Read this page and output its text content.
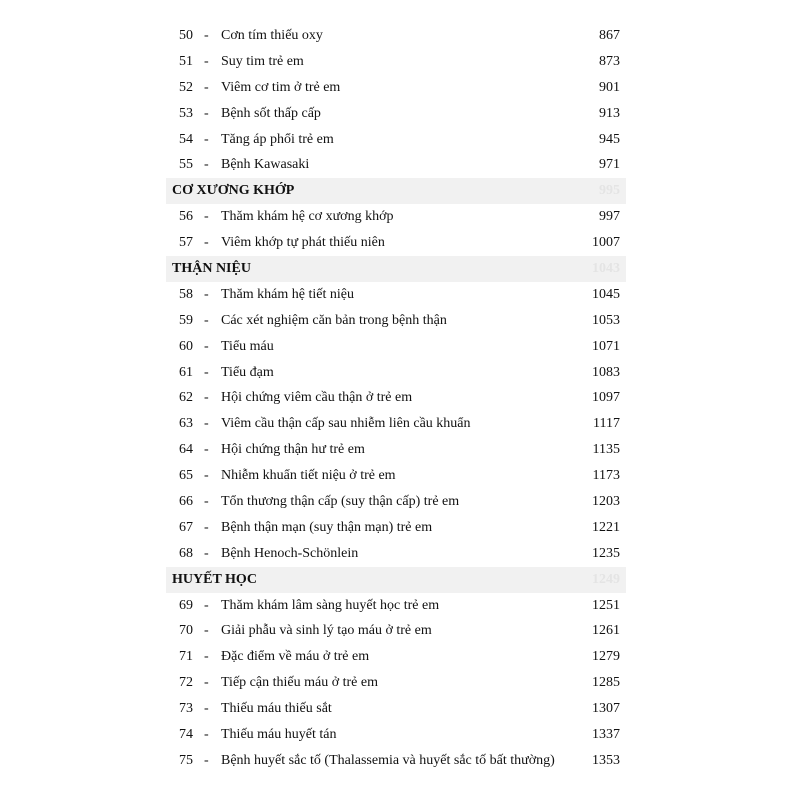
50 - Cơn tím thiếu oxy	867
51 - Suy tim trẻ em	873
52 - Viêm cơ tim ở trẻ em	901
53 - Bệnh sốt thấp cấp	913
54 - Tăng áp phổi trẻ em	945
55 - Bệnh Kawasaki	971
CƠ XƯƠNG KHỚP	995
56 - Thăm khám hệ cơ xương khớp	997
57 - Viêm khớp tự phát thiếu niên	1007
THẬN NIỆU	1043
58 - Thăm khám hệ tiết niệu	1045
59 - Các xét nghiệm căn bản trong bệnh thận	1053
60 - Tiểu máu	1071
61 - Tiểu đạm	1083
62 - Hội chứng viêm cầu thận ở trẻ em	1097
63 - Viêm cầu thận cấp sau nhiễm liên cầu khuẩn	1117
64 - Hội chứng thận hư trẻ em	1135
65 - Nhiễm khuẩn tiết niệu ở trẻ em	1173
66 - Tổn thương thận cấp (suy thận cấp) trẻ em	1203
67 - Bệnh thận mạn (suy thận mạn) trẻ em	1221
68 - Bệnh Henoch-Schönlein	1235
HUYẾT HỌC	1249
69 - Thăm khám lâm sàng huyết học trẻ em	1251
70 - Giải phẫu và sinh lý tạo máu ở trẻ em	1261
71 - Đặc điểm về máu ở trẻ em	1279
72 - Tiếp cận thiếu máu ở trẻ em	1285
73 - Thiếu máu thiếu sắt	1307
74 - Thiếu máu huyết tán	1337
75 - Bệnh huyết sắc tố (Thalassemia và huyết sắc tố bất thường)	1353
